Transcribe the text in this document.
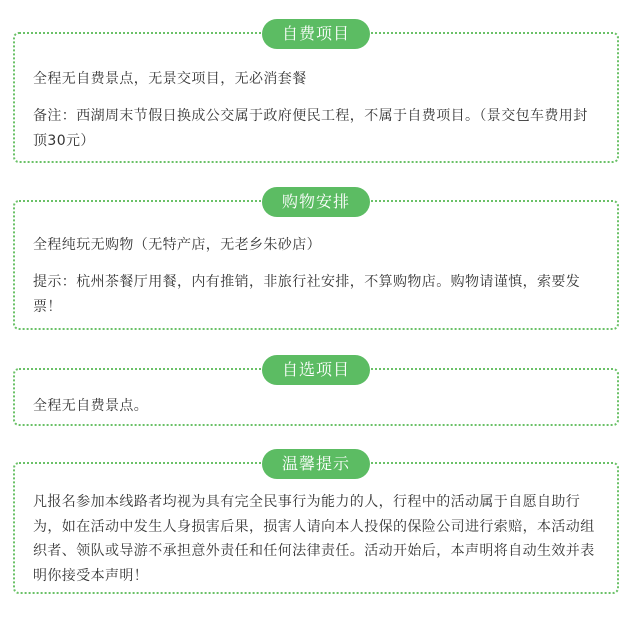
自费项目

全程无自费景点，无景交项目，无必消套餐

备注：西湖周末节假日换成公交属于政府便民工程，不属于自费项目。（景交包车费用封顶30元）

购物安排

全程纯玩无购物（无特产店，无老乡朱砂店）

提示：杭州茶餐厅用餐，内有推销，非旅行社安排，不算购物店。购物请谨慎，索要发票！

自选项目

全程无自费景点。

温馨提示

凡报名参加本线路者均视为具有完全民事行为能力的人，行程中的活动属于自愿自助行为，如在活动中发生人身损害后果，损害人请向本人投保的保险公司进行索赔，本活动组织者、领队或导游不承担意外责任和任何法律责任。活动开始后，本声明将自动生效并表明你接受本声明！
